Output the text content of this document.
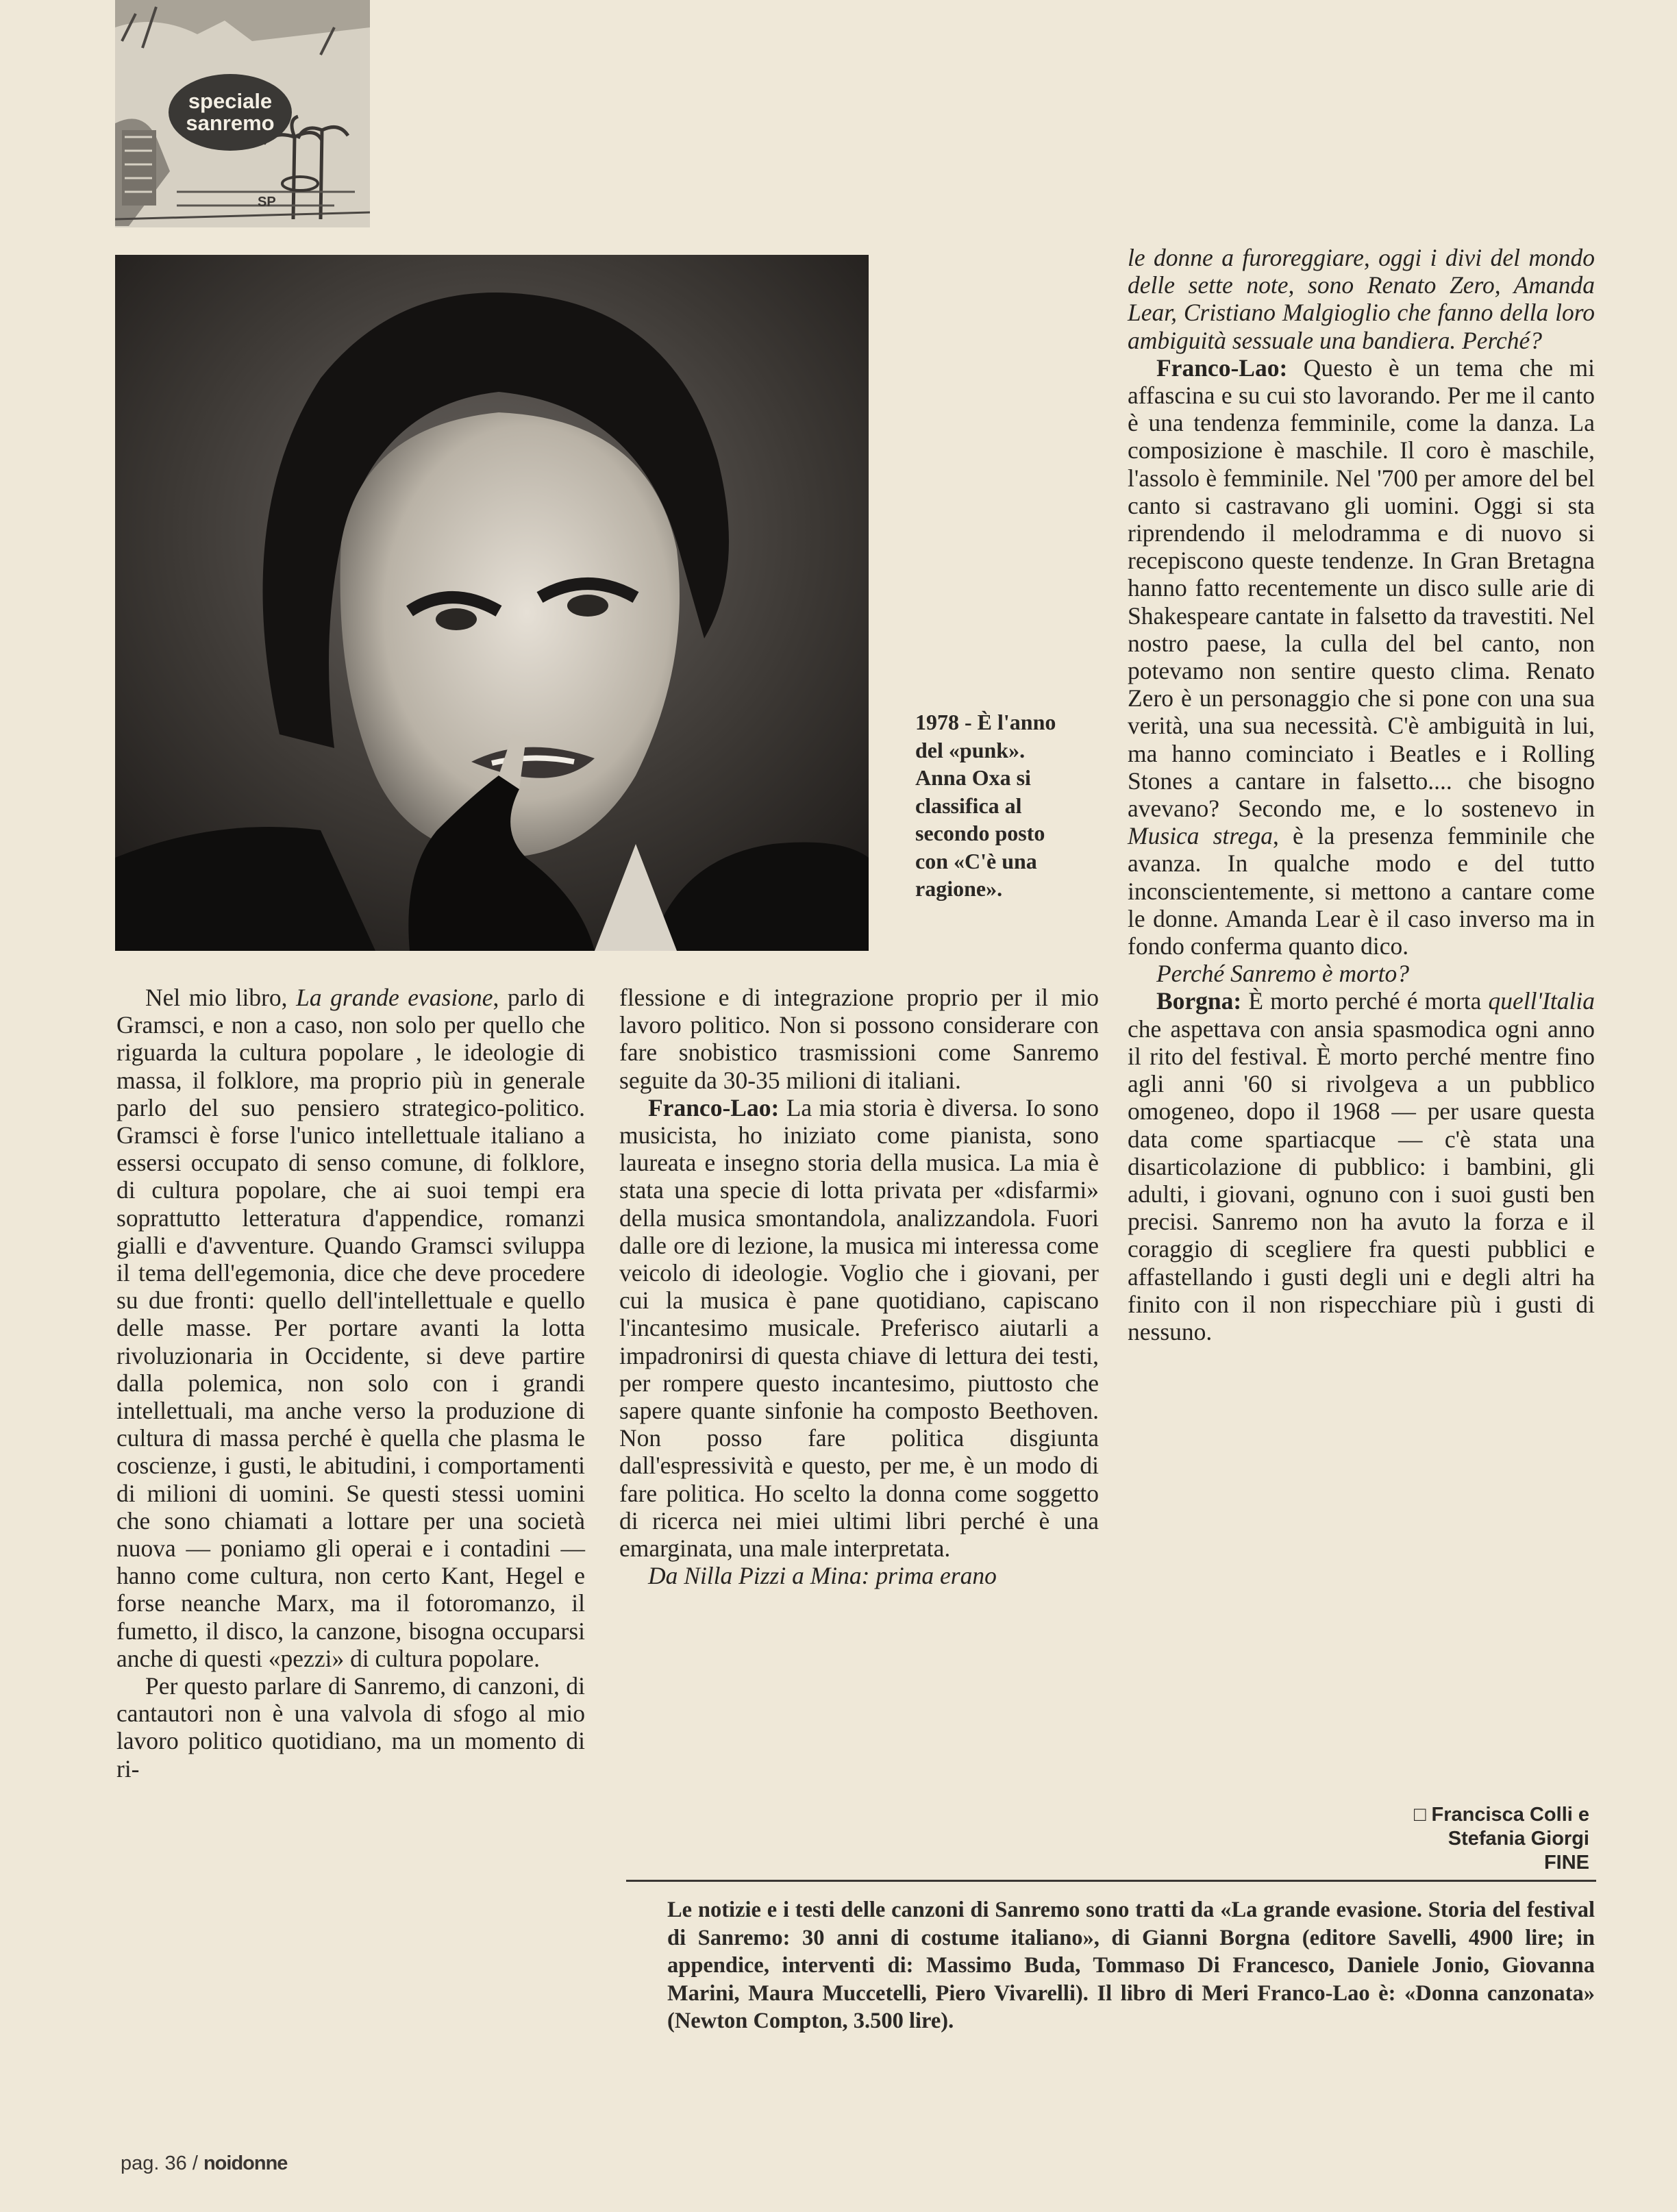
speciale
sanremo
SP
1978 - È l'anno del «punk». Anna Oxa si classifica al secondo posto con «C'è una ragione».

Nel mio libro, La grande evasione, parlo di Gramsci, e non a caso, non solo per quello che riguarda la cultura popolare , le ideologie di massa, il folklore, ma proprio più in generale parlo del suo pensiero strategico-politico. Gramsci è forse l'unico intellettuale italiano a essersi occupato di senso comune, di folklore, di cultura popolare, che ai suoi tempi era soprattutto letteratura d'appendice, romanzi gialli e d'avventure. Quando Gramsci sviluppa il tema dell'egemonia, dice che deve procedere su due fronti: quello dell'intellettuale e quello delle masse. Per portare avanti la lotta rivoluzionaria in Occidente, si deve partire dalla polemica, non solo con i grandi intellettuali, ma anche verso la produzione di cultura di massa perché è quella che plasma le coscienze, i gusti, le abitudini, i comportamenti di milioni di uomini. Se questi stessi uomini che sono chiamati a lottare per una società nuova — poniamo gli operai e i contadini — hanno come cultura, non certo Kant, Hegel e forse neanche Marx, ma il fotoromanzo, il fumetto, il disco, la canzone, bisogna occuparsi anche di questi «pezzi» di cultura popolare.

Per questo parlare di Sanremo, di canzoni, di cantautori non è una valvola di sfogo al mio lavoro politico quotidiano, ma un momento di ri-

flessione e di integrazione proprio per il mio lavoro politico. Non si possono considerare con fare snobistico trasmissioni come Sanremo seguite da 30-35 milioni di italiani.

Franco-Lao: La mia storia è diversa. Io sono musicista, ho iniziato come pianista, sono laureata e insegno storia della musica. La mia è stata una specie di lotta privata per «disfarmi» della musica smontandola, analizzandola. Fuori dalle ore di lezione, la musica mi interessa come veicolo di ideologie. Voglio che i giovani, per cui la musica è pane quotidiano, capiscano l'incantesimo musicale. Preferisco aiutarli a impadronirsi di questa chiave di lettura dei testi, per rompere questo incantesimo, piuttosto che sapere quante sinfonie ha composto Beethoven. Non posso fare politica disgiunta dall'espressività e questo, per me, è un modo di fare politica. Ho scelto la donna come soggetto di ricerca nei miei ultimi libri perché è una emarginata, una male interpretata.

Da Nilla Pizzi a Mina: prima erano

le donne a furoreggiare, oggi i divi del mondo delle sette note, sono Renato Zero, Amanda Lear, Cristiano Malgioglio che fanno della loro ambiguità sessuale una bandiera. Perché?

Franco-Lao: Questo è un tema che mi affascina e su cui sto lavorando. Per me il canto è una tendenza femminile, come la danza. La composizione è maschile. Il coro è maschile, l'assolo è femminile. Nel '700 per amore del bel canto si castravano gli uomini. Oggi si sta riprendendo il melodramma e di nuovo si recepiscono queste tendenze. In Gran Bretagna hanno fatto recentemente un disco sulle arie di Shakespeare cantate in falsetto da travestiti. Nel nostro paese, la culla del bel canto, non potevamo non sentire questo clima. Renato Zero è un personaggio che si pone con una sua verità, una sua necessità. C'è ambiguità in lui, ma hanno cominciato i Beatles e i Rolling Stones a cantare in falsetto.... che bisogno avevano? Secondo me, e lo sostenevo in Musica strega, è la presenza femminile che avanza. In qualche modo e del tutto inconscientemente, si mettono a cantare come le donne. Amanda Lear è il caso inverso ma in fondo conferma quanto dico.

Perché Sanremo è morto?

Borgna: È morto perché é morta quell'Italia che aspettava con ansia spasmodica ogni anno il rito del festival. È morto perché mentre fino agli anni '60 si rivolgeva a un pubblico omogeneo, dopo il 1968 — per usare questa data come spartiacque — c'è stata una disarticolazione di pubblico: i bambini, gli adulti, i giovani, ognuno con i suoi gusti ben precisi. Sanremo non ha avuto la forza e il coraggio di scegliere fra questi pubblici e affastellando i gusti degli uni e degli altri ha finito con il non rispecchiare più i gusti di nessuno.

□ Francisca Colli e
Stefania Giorgi
FINE
Le notizie e i testi delle canzoni di Sanremo sono tratti da «La grande evasione. Storia del festival di Sanremo: 30 anni di costume italiano», di Gianni Borgna (editore Savelli, 4900 lire; in appendice, interventi di: Massimo Buda, Tommaso Di Francesco, Daniele Jonio, Giovanna Marini, Maura Muccetelli, Piero Vivarelli). Il libro di Meri Franco-Lao è: «Donna canzonata» (Newton Compton, 3.500 lire).
pag. 36 / noidonne
